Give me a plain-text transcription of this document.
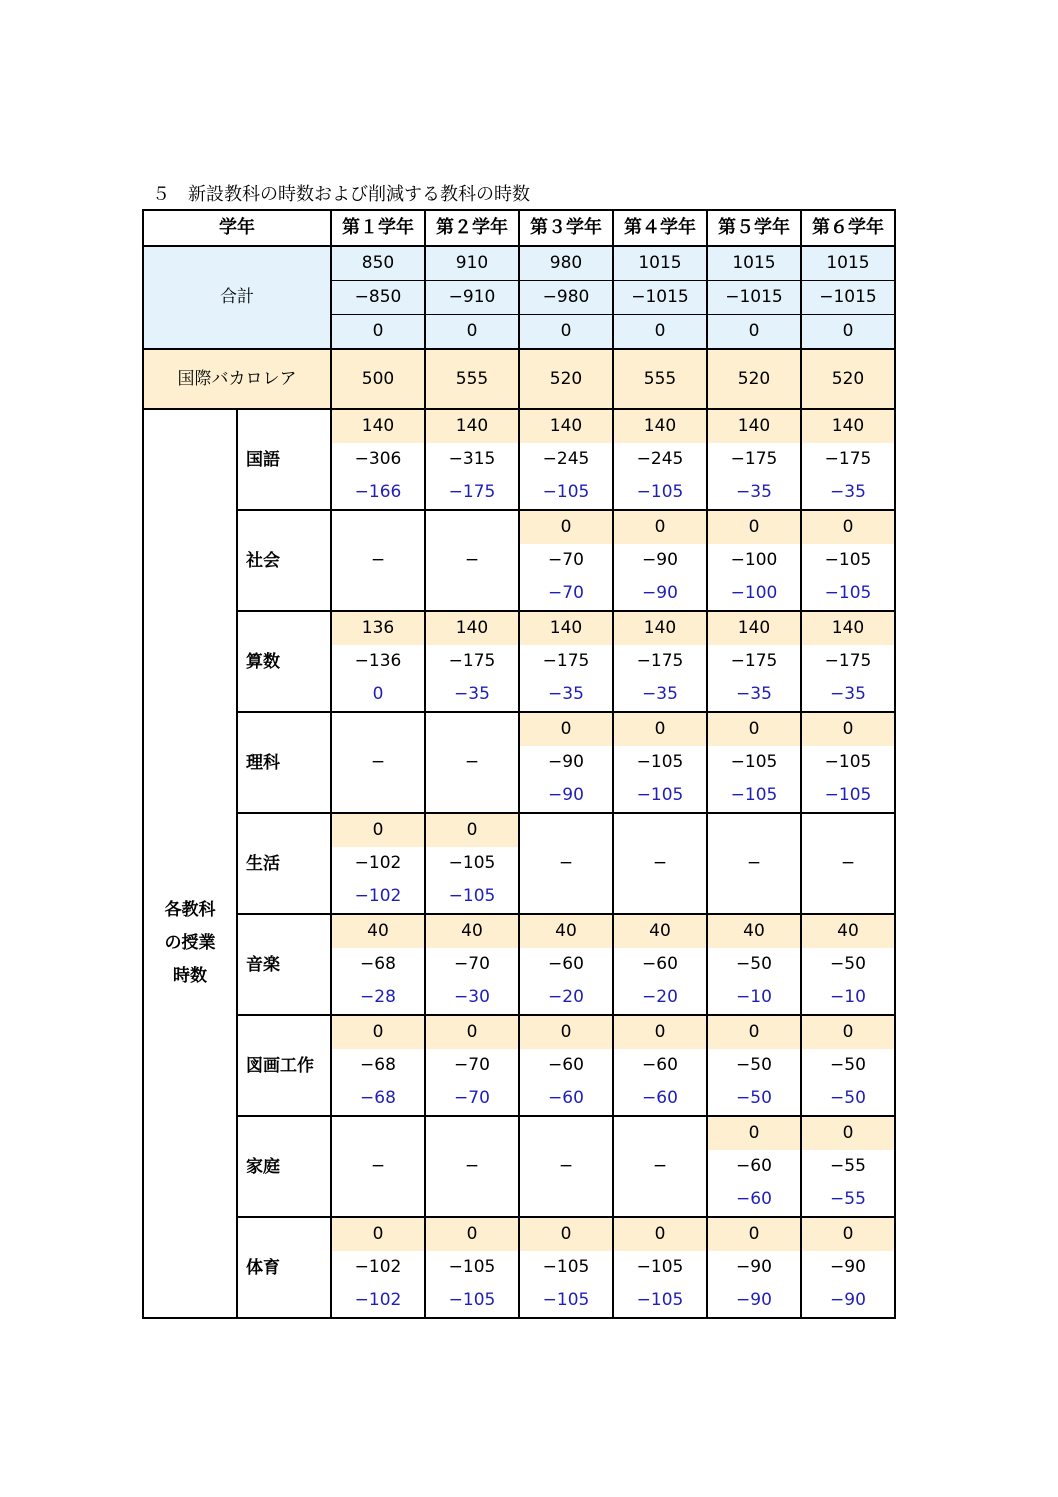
５　新設教科の時数および削減する教科の時数
学年		第１学年	第２学年	第３学年	第４学年	第５学年	第６学年
合計		850	910	980	1015	1015	1015
		−850	−910	−980	−1015	−1015	−1015
		0	0	0	0	0	0
国際バカロレア		500	555	520	555	520	520
各教科の授業時数	国語	140	140	140	140	140	140
		−306	−315	−245	−245	−175	−175
		−166	−175	−105	−105	−35	−35
	社会	−	−	0	0	0	0
				−70	−90	−100	−105
				−70	−90	−100	−105
	算数	136	140	140	140	140	140
		−136	−175	−175	−175	−175	−175
		0	−35	−35	−35	−35	−35
	理科	−	−	0	0	0	0
				−90	−105	−105	−105
				−90	−105	−105	−105
	生活	0	0	−	−	−	−
		−102	−105				
		−102	−105				
	音楽	40	40	40	40	40	40
		−68	−70	−60	−60	−50	−50
		−28	−30	−20	−20	−10	−10
	図画工作	0	0	0	0	0	0
		−68	−70	−60	−60	−50	−50
		−68	−70	−60	−60	−50	−50
	家庭	−	−	−	−	0	0
						−60	−55
						−60	−55
	体育	0	0	0	0	0	0
		−102	−105	−105	−105	−90	−90
		−102	−105	−105	−105	−90	−90
